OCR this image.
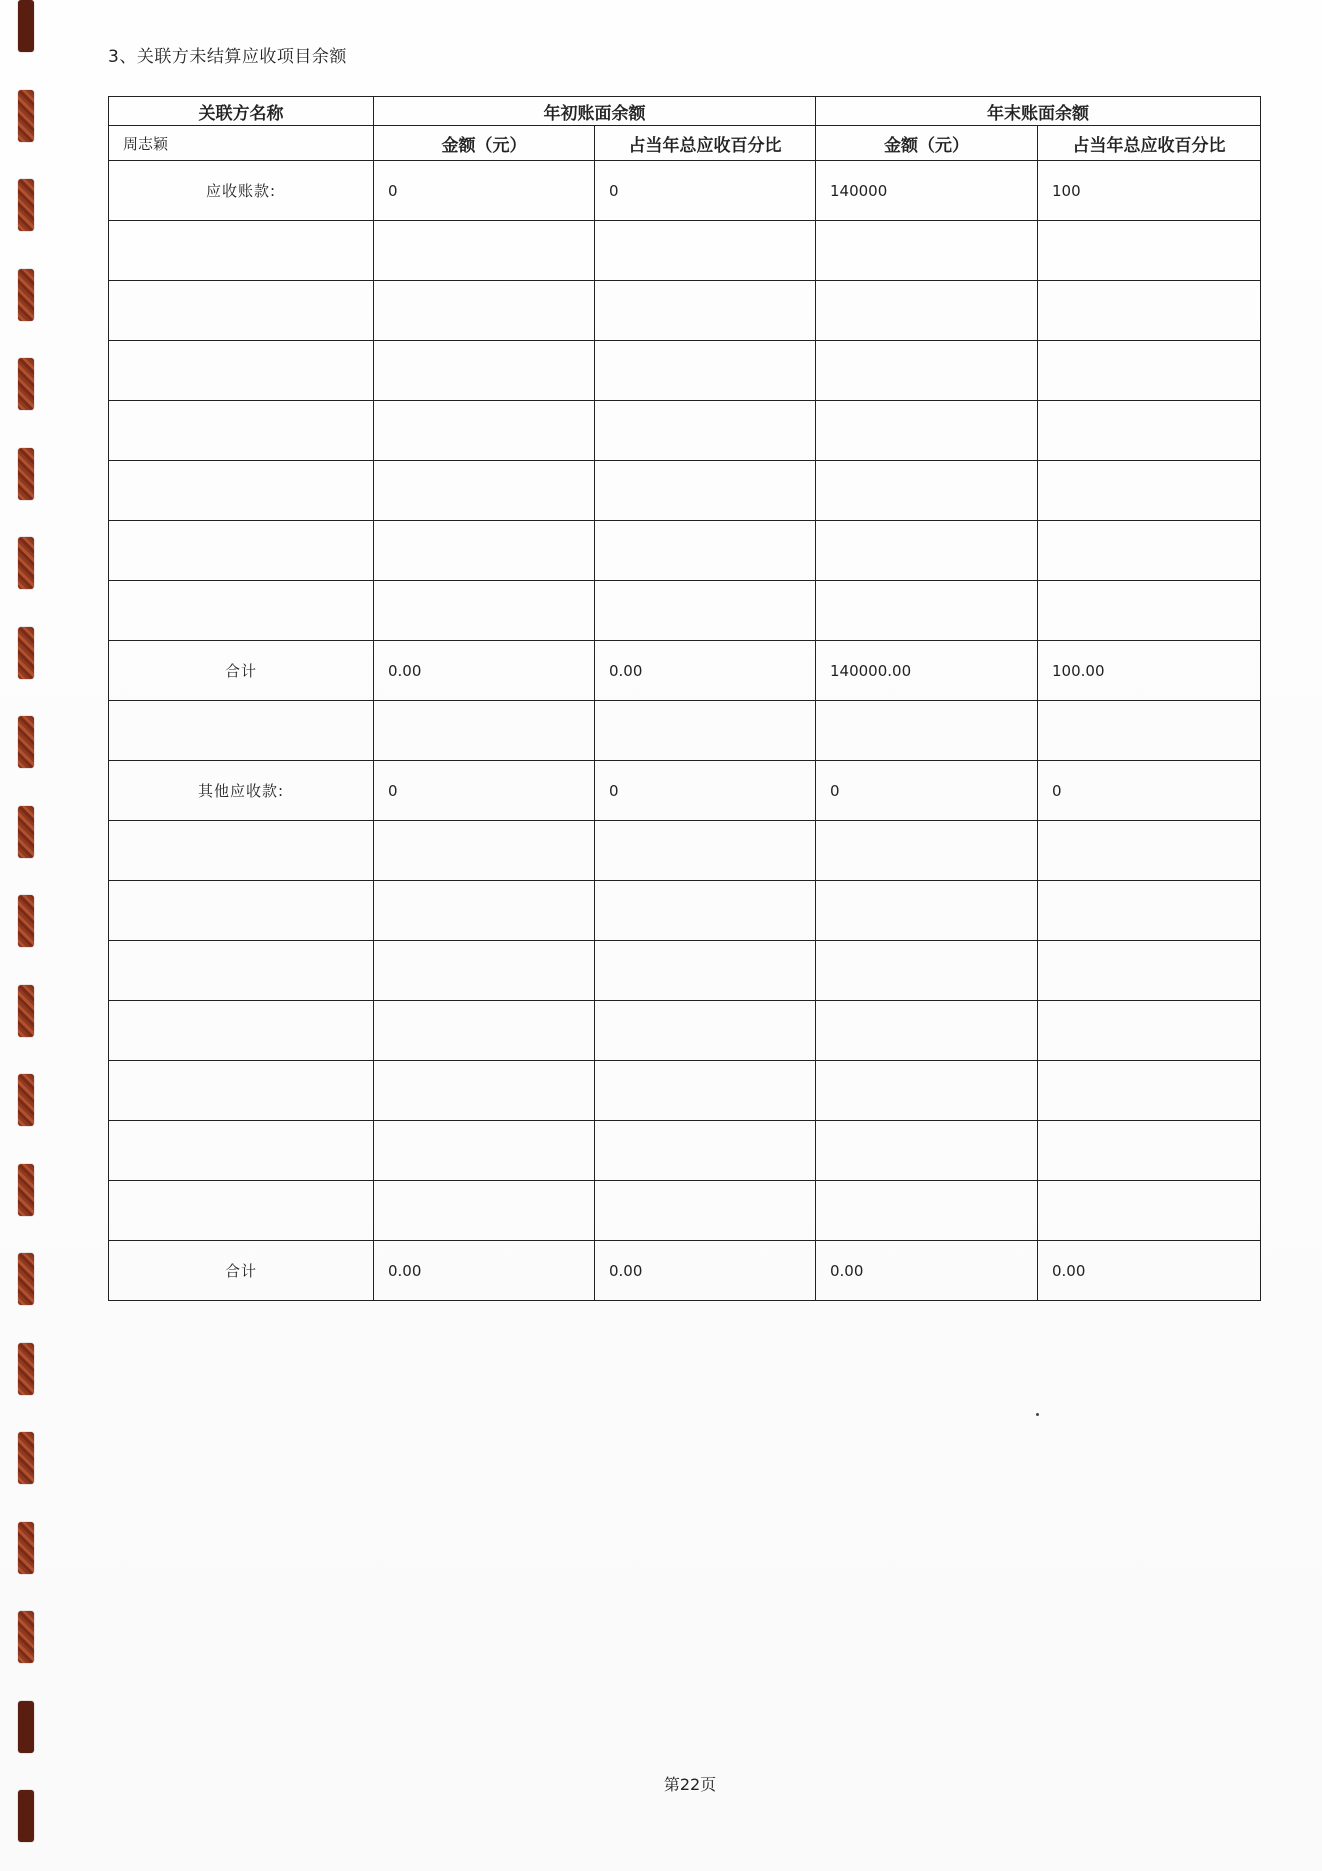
3、关联方未结算应收项目余额
关联方名称	年初账面余额		年末账面余额	
周志颖	金额（元）	占当年总应收百分比	金额（元）	占当年总应收百分比
应收账款:	0	0	140000	100

合计	0.00	0.00	140000.00	100.00

其他应收款:	0	0	0	0

合计	0.00	0.00	0.00	0.00
第22页
